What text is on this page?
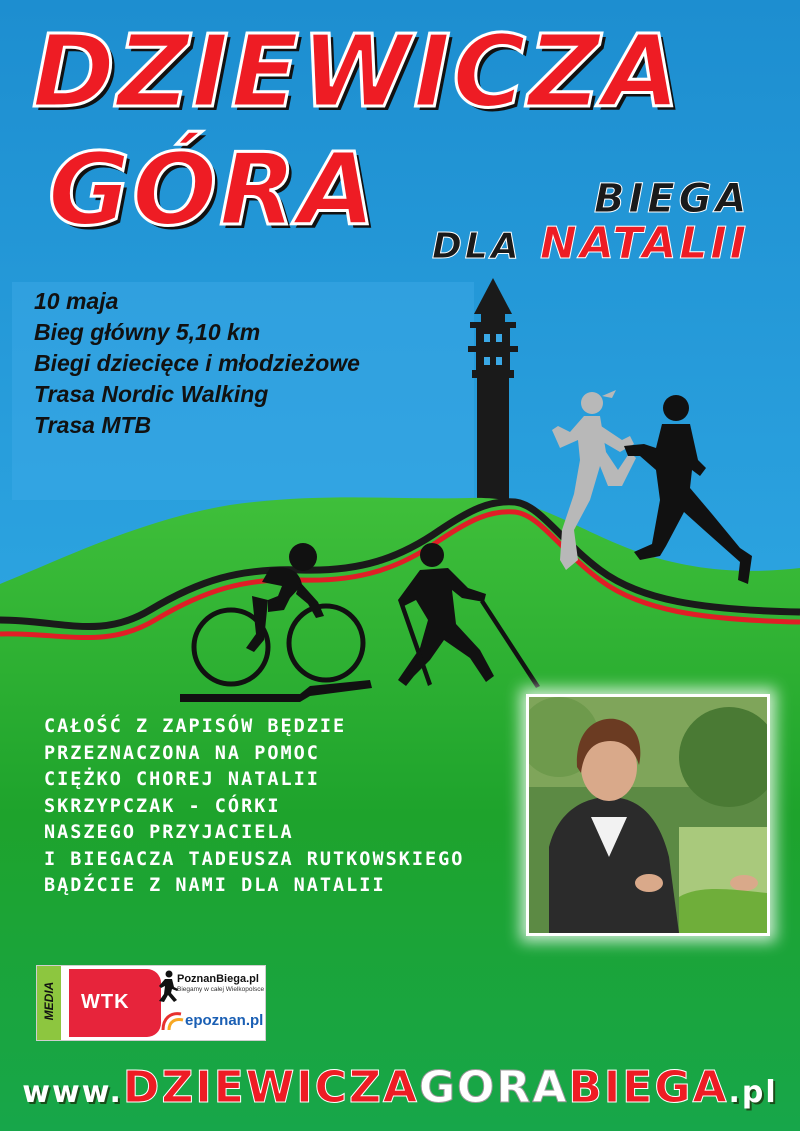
DZIEWICZA
GÓRA	BIEGA
DLA NATALII
10 maja
Bieg główny 5,10 km
Biegi dziecięce i młodzieżowe
Trasa Nordic Walking
Trasa MTB
CAŁOŚĆ Z ZAPISÓW BĘDZIE
PRZEZNACZONA NA POMOC
CIĘŻKO CHOREJ NATALII
SKRZYPCZAK - CÓRKI
NASZEGO PRZYJACIELA
I BIEGACZA TADEUSZA RUTKOWSKIEGO
BĄDŹCIE Z NAMI DLA NATALII
MEDIA WTK
PoznanBiega.pl
Biegamy w całej Wielkopolsce
epoznan.pl
www.DZIEWICZAGORABIEGA.pl
